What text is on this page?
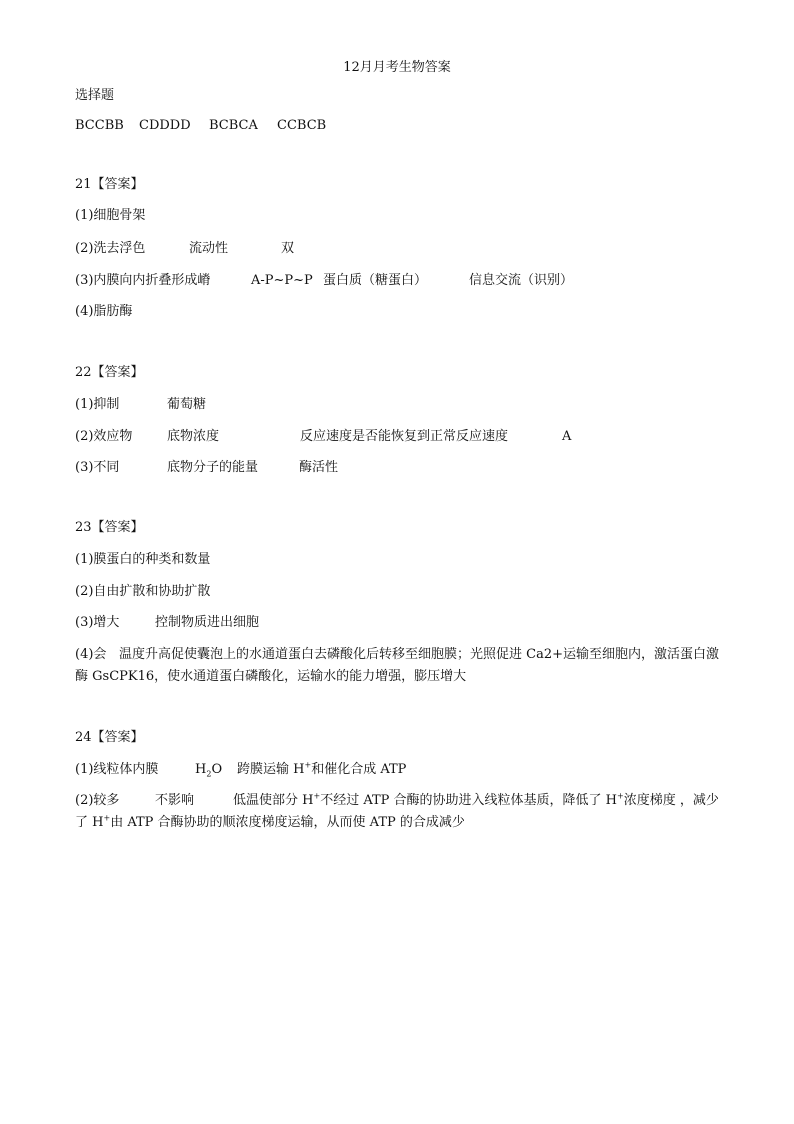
12月月考生物答案
选择题
BCCBB CDDDD BCBCA CCBCB
21【答案】
(1)细胞骨架
(2)洗去浮色	流动性	双
(3)内膜向内折叠形成嵴	A-P~P~P 蛋白质（糖蛋白）	信息交流（识别）
(4)脂肪酶
22【答案】
(1)抑制	葡萄糖
(2)效应物	底物浓度	反应速度是否能恢复到正常反应速度	A
(3)不同	底物分子的能量	酶活性
23【答案】
(1)膜蛋白的种类和数量
(2)自由扩散和协助扩散
(3)增大	控制物质进出细胞
(4)会 温度升高促使囊泡上的水通道蛋白去磷酸化后转移至细胞膜；光照促进 Ca2+运输至细胞内，激活蛋白激酶 GsCPK16，使水通道蛋白磷酸化，运输水的能力增强，膨压增大
24【答案】
(1)线粒体内膜	$H_2O$ 跨膜运输 H+和催化合成 ATP
(2)较多	不影响	低温使部分 H+不经过 ATP 合酶的协助进入线粒体基质，降低了 H+浓度梯度 ，减少了 H+由 ATP 合酶协助的顺浓度梯度运输，从而使 ATP 的合成减少
